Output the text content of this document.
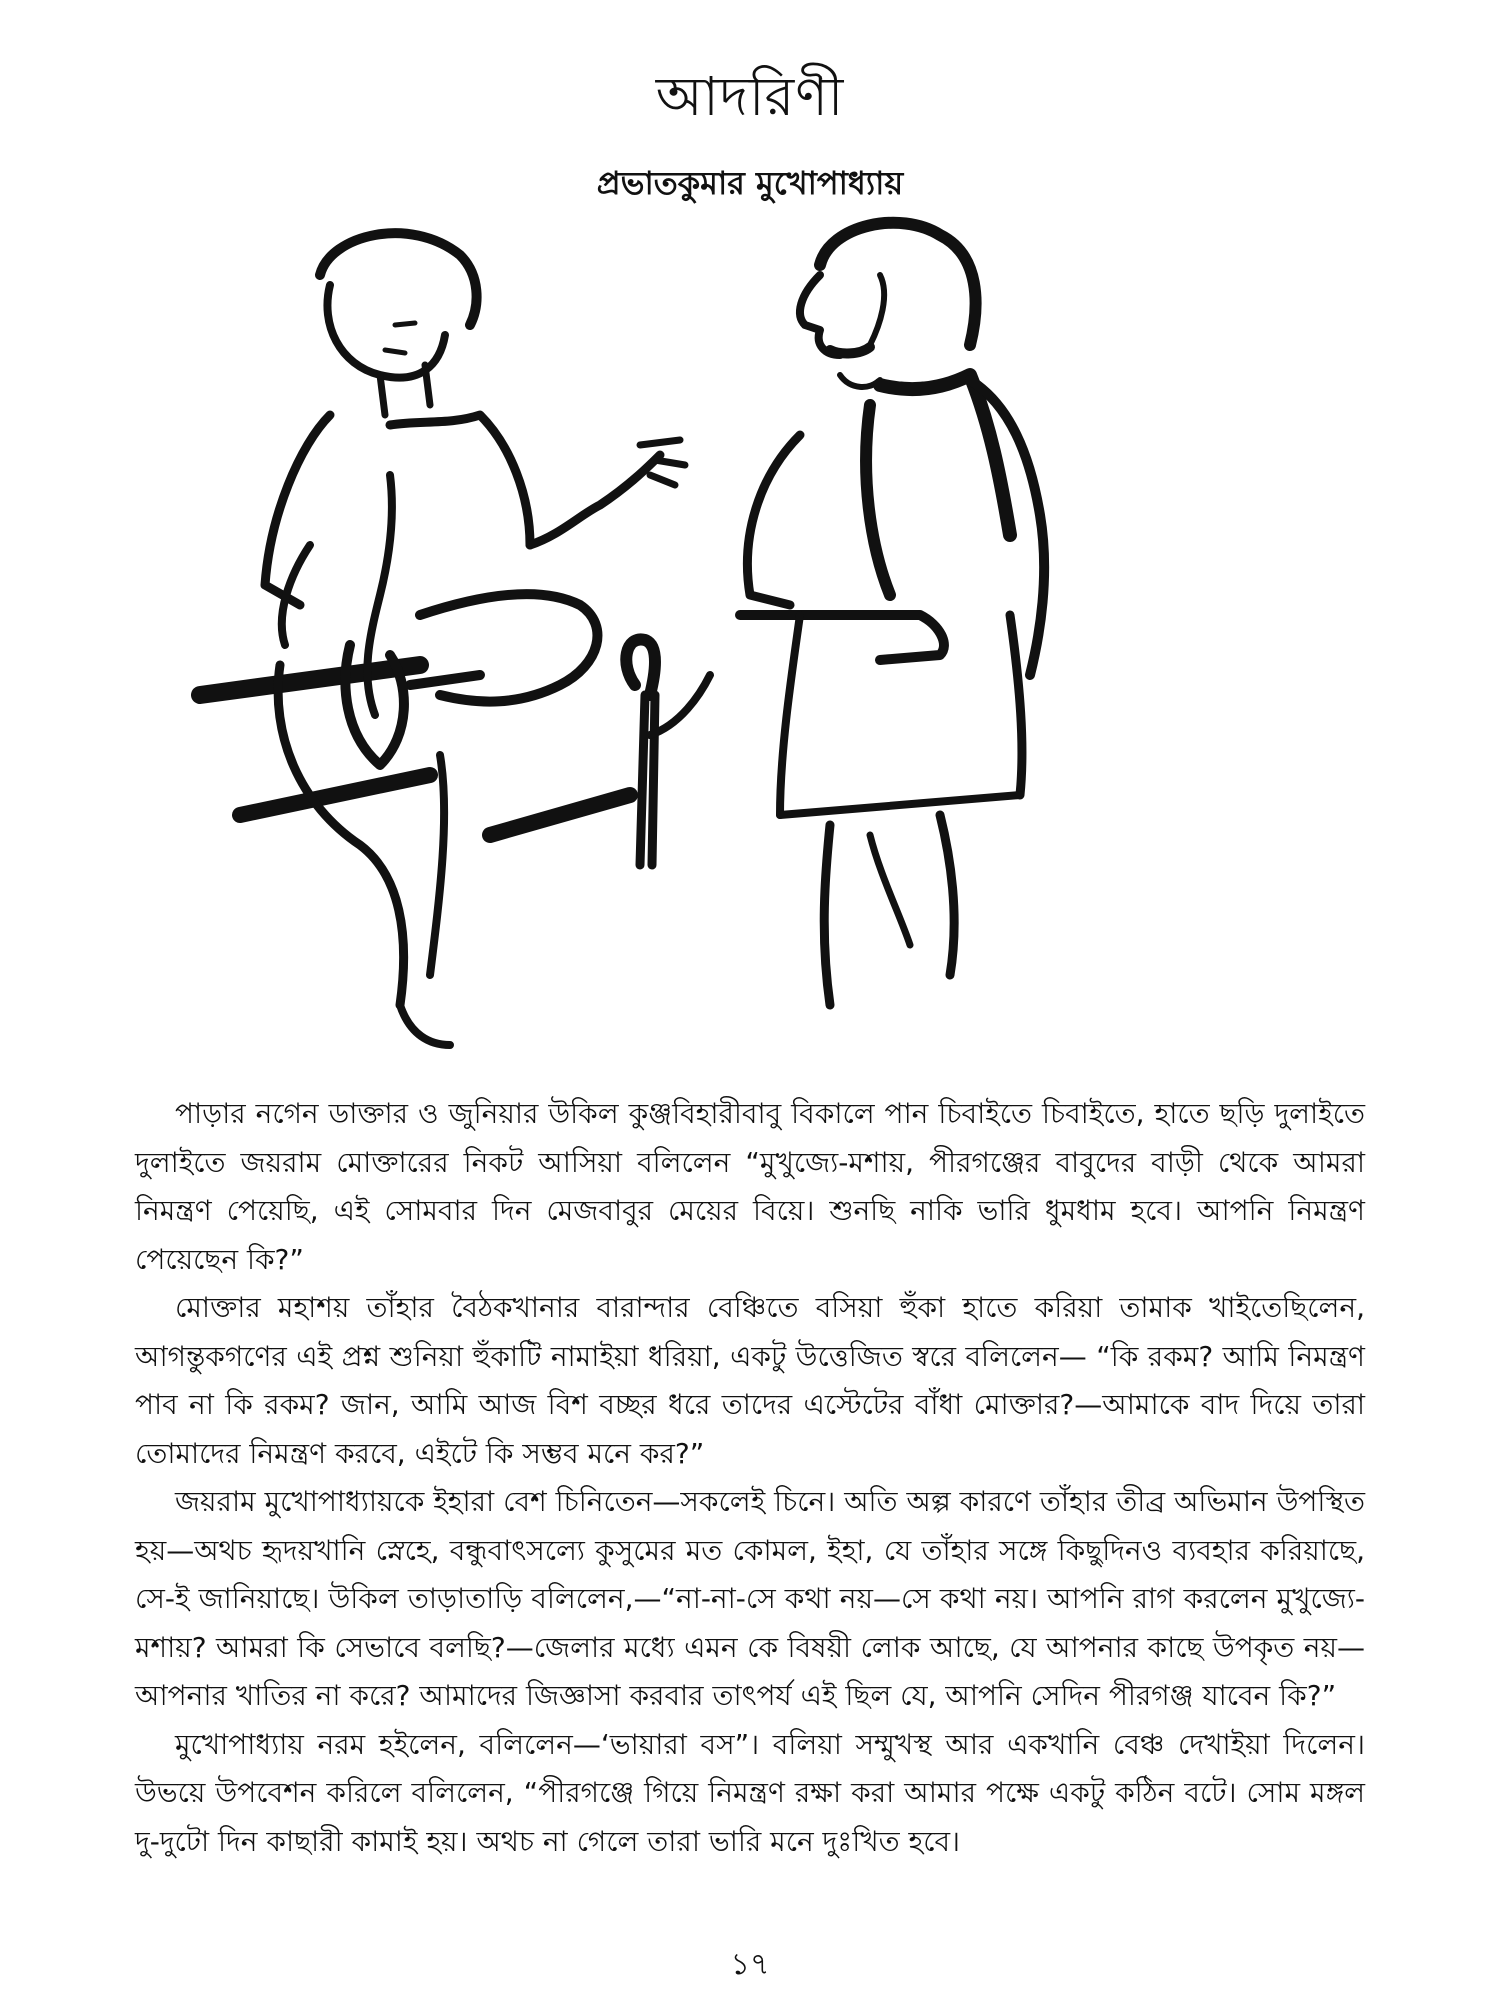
আদরিণী
প্রভাতকুমার মুখোপাধ্যায়

পাড়ার নগেন ডাক্তার ও জুনিয়ার উকিল কুঞ্জবিহারীবাবু বিকালে পান চিবাইতে চিবাইতে, হাতে ছড়ি দুলাইতে দুলাইতে জয়রাম মোক্তারের নিকট আসিয়া বলিলেন “মুখুজ্যে-মশায়, পীরগঞ্জের বাবুদের বাড়ী থেকে আমরা নিমন্ত্রণ পেয়েছি, এই সোমবার দিন মেজবাবুর মেয়ের বিয়ে। শুনছি নাকি ভারি ধুমধাম হবে। আপনি নিমন্ত্রণ পেয়েছেন কি?”

মোক্তার মহাশয় তাঁহার বৈঠকখানার বারান্দার বেঞ্চিতে বসিয়া হুঁকা হাতে করিয়া তামাক খাইতেছিলেন, আগন্তুকগণের এই প্রশ্ন শুনিয়া হুঁকাটি নামাইয়া ধরিয়া, একটু উত্তেজিত স্বরে বলিলেন— “কি রকম? আমি নিমন্ত্রণ পাব না কি রকম? জান, আমি আজ বিশ বচ্ছর ধরে তাদের এস্টেটের বাঁধা মোক্তার?—আমাকে বাদ দিয়ে তারা তোমাদের নিমন্ত্রণ করবে, এইটে কি সম্ভব মনে কর?”

জয়রাম মুখোপাধ্যায়কে ইহারা বেশ চিনিতেন—সকলেই চিনে। অতি অল্প কারণে তাঁহার তীব্র অভিমান উপস্থিত হয়—অথচ হৃদয়খানি স্নেহে, বন্ধুবাৎসল্যে কুসুমের মত কোমল, ইহা, যে তাঁহার সঙ্গে কিছুদিনও ব্যবহার করিয়াছে, সে-ই জানিয়াছে। উকিল তাড়াতাড়ি বলিলেন,—“না-না-সে কথা নয়—সে কথা নয়। আপনি রাগ করলেন মুখুজ্যে-মশায়? আমরা কি সেভাবে বলছি?—জেলার মধ্যে এমন কে বিষয়ী লোক আছে, যে আপনার কাছে উপকৃত নয়—আপনার খাতির না করে? আমাদের জিজ্ঞাসা করবার তাৎপর্য এই ছিল যে, আপনি সেদিন পীরগঞ্জ যাবেন কি?”

মুখোপাধ্যায় নরম হইলেন, বলিলেন—‘ভায়ারা বস”। বলিয়া সম্মুখস্থ আর একখানি বেঞ্চ দেখাইয়া দিলেন। উভয়ে উপবেশন করিলে বলিলেন, “পীরগঞ্জে গিয়ে নিমন্ত্রণ রক্ষা করা আমার পক্ষে একটু কঠিন বটে। সোম মঙ্গল দু-দুটো দিন কাছারী কামাই হয়। অথচ না গেলে তারা ভারি মনে দুঃখিত হবে।

১৭
